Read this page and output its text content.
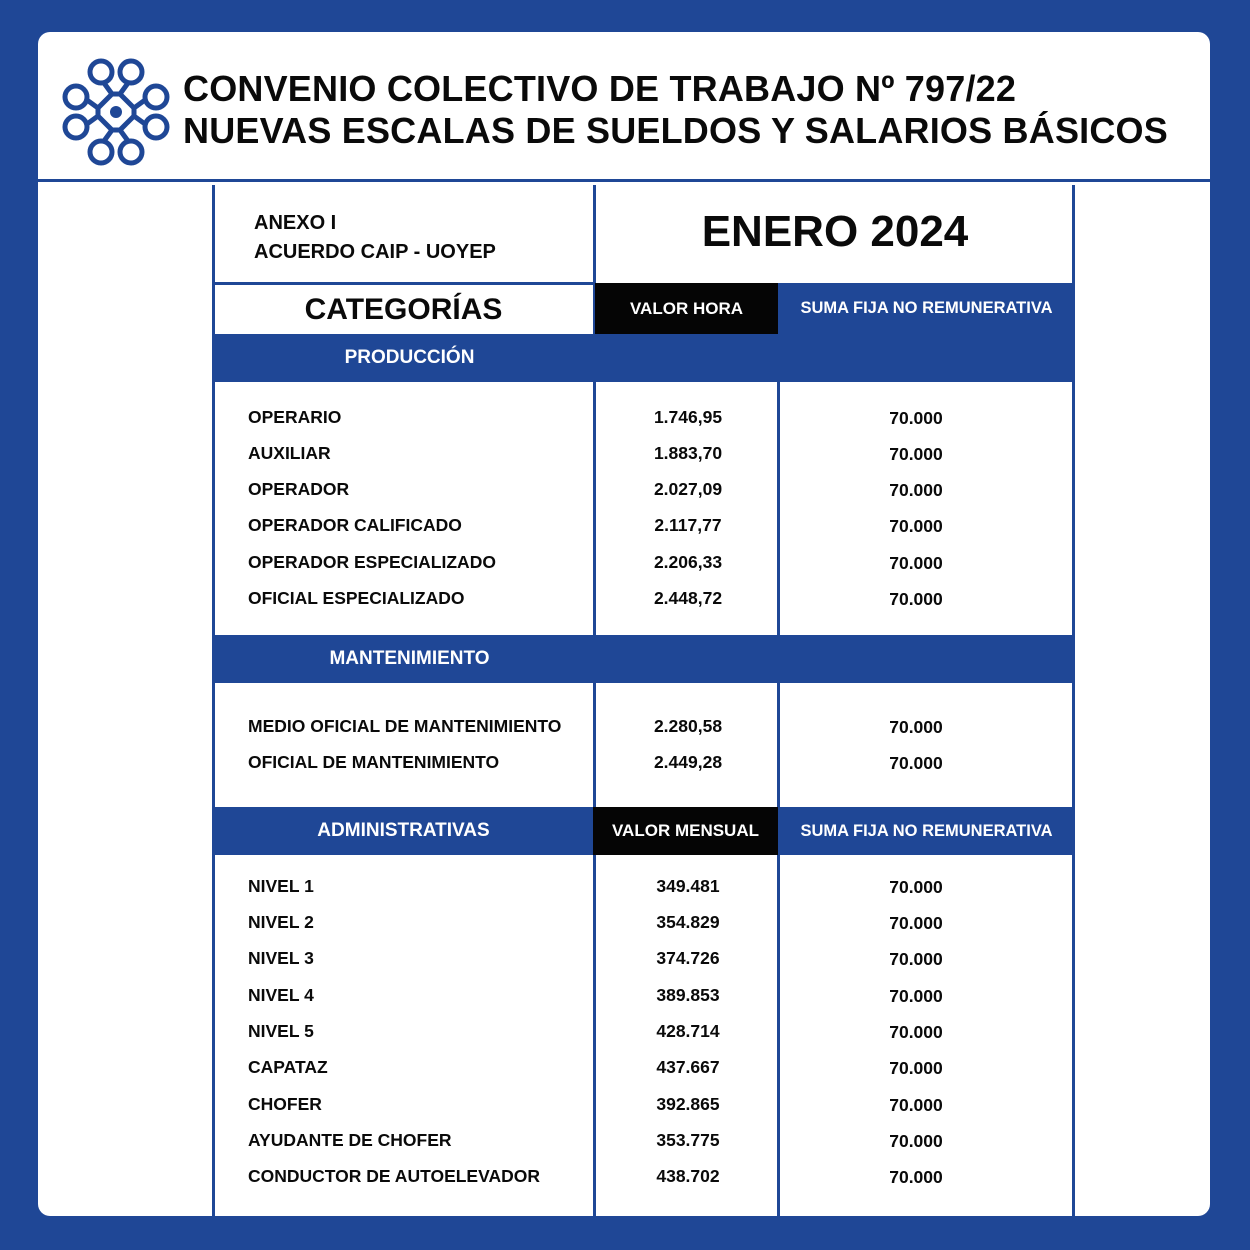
CONVENIO COLECTIVO DE TRABAJO Nº 797/22
NUEVAS ESCALAS DE SUELDOS Y SALARIOS BÁSICOS
ANEXO I
ACUERDO CAIP - UOYEP	ENERO 2024
CATEGORÍAS	VALOR HORA	SUMA FIJA NO REMUNERATIVA
PRODUCCIÓN
OPERARIO	1.746,95	70.000
AUXILIAR	1.883,70	70.000
OPERADOR	2.027,09	70.000
OPERADOR CALIFICADO	2.117,77	70.000
OPERADOR ESPECIALIZADO	2.206,33	70.000
OFICIAL ESPECIALIZADO	2.448,72	70.000
MANTENIMIENTO
MEDIO OFICIAL DE MANTENIMIENTO	2.280,58	70.000
OFICIAL DE MANTENIMIENTO	2.449,28	70.000
ADMINISTRATIVAS	VALOR MENSUAL	SUMA FIJA NO REMUNERATIVA
NIVEL 1	349.481	70.000
NIVEL 2	354.829	70.000
NIVEL 3	374.726	70.000
NIVEL 4	389.853	70.000
NIVEL 5	428.714	70.000
CAPATAZ	437.667	70.000
CHOFER	392.865	70.000
AYUDANTE DE CHOFER	353.775	70.000
CONDUCTOR DE AUTOELEVADOR	438.702	70.000
